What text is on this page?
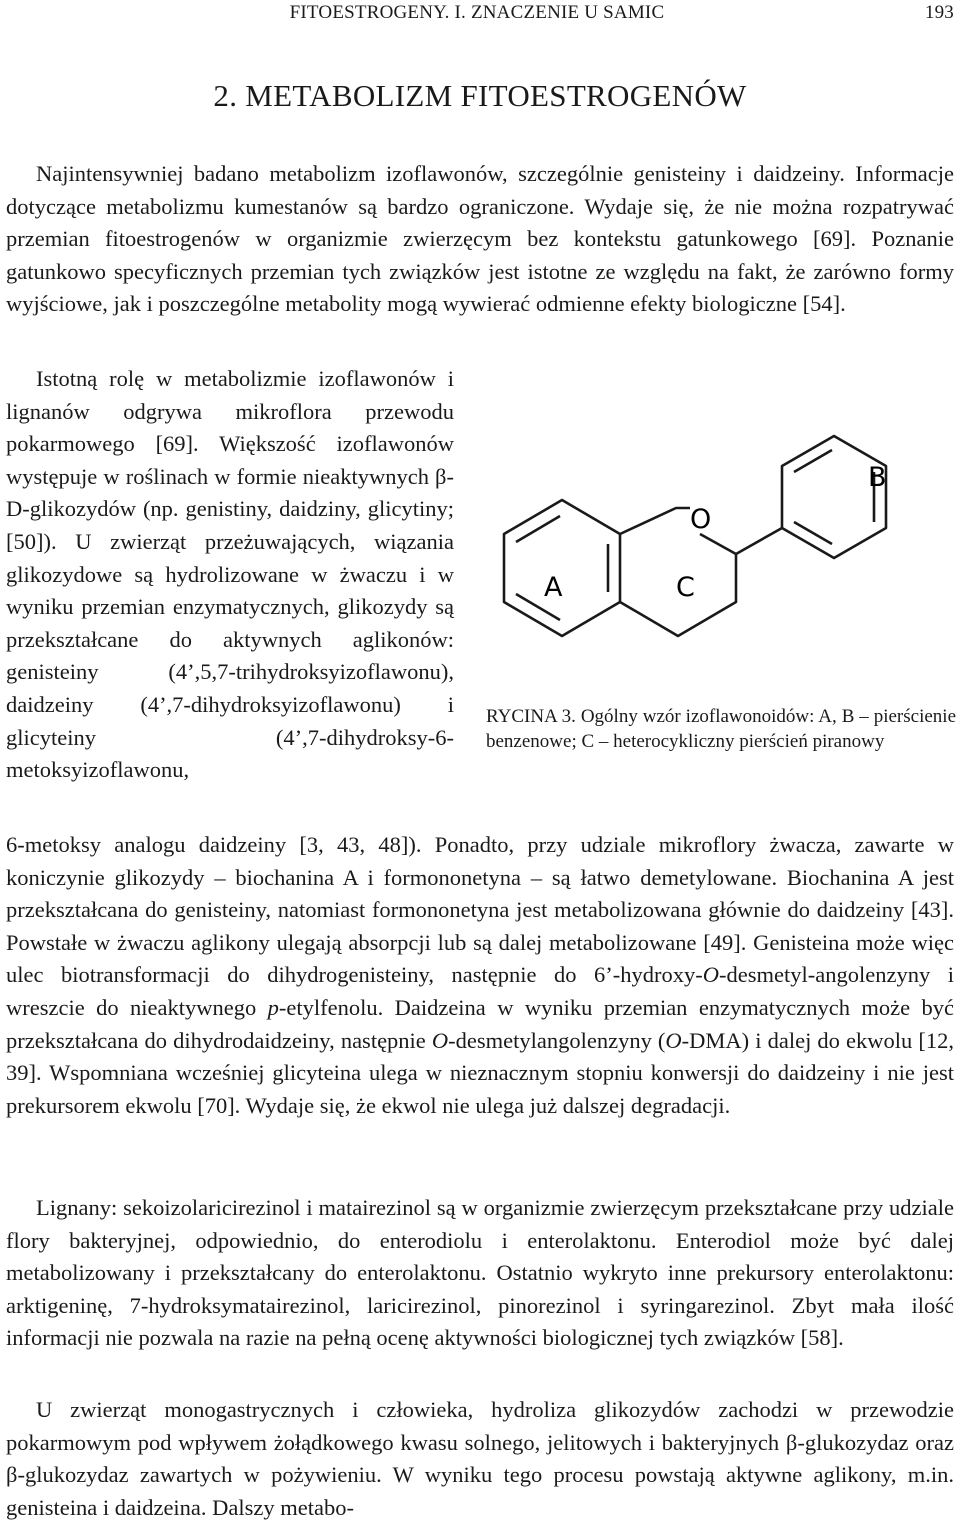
FITOESTROGENY. I. ZNACZENIE U SAMIC	193
2. METABOLIZM FITOESTROGENÓW

Najintensywniej badano metabolizm izoflawonów, szczególnie genisteiny i daidzeiny. Informacje dotyczące metabolizmu kumestanów są bardzo ograniczone. Wydaje się, że nie można rozpatrywać przemian fitoestrogenów w organizmie zwierzęcym bez kontekstu gatunkowego [69]. Poznanie gatunkowo specyficznych przemian tych związków jest istotne ze względu na fakt, że zarówno formy wyjściowe, jak i poszczególne metabolity mogą wywierać odmienne efekty biologiczne [54].

Istotną rolę w metabolizmie izoflawonów i lignanów odgrywa mikroflora przewodu pokarmowego [69]. Większość izoflawonów występuje w roślinach w formie nieaktywnych β-D-glikozydów (np. genistiny, daidziny, glicytiny; [50]). U zwierząt przeżuwających, wiązania glikozydowe są hydrolizowane w żwaczu i w wyniku przemian enzymatycznych, glikozydy są przekształcane do aktywnych aglikonów: genisteiny (4’,5,7-trihydroksyizoflawonu), daidzeiny (4’,7-dihydroksyizoflawonu) i glicyteiny (4’,7-dihydroksy-6-metoksyizoflawonu,

O
B
A	C

RYCINA 3. Ogólny wzór izoflawonoidów: A, B – pierścienie benzenowe; C – heterocykliczny pierścień piranowy

6-metoksy analogu daidzeiny [3, 43, 48]). Ponadto, przy udziale mikroflory żwacza, zawarte w koniczynie glikozydy – biochanina A i formononetyna – są łatwo demetylowane. Biochanina A jest przekształcana do genisteiny, natomiast formononetyna jest metabolizowana głównie do daidzeiny [43]. Powstałe w żwaczu aglikony ulegają absorpcji lub są dalej metabolizowane [49]. Genisteina może więc ulec biotransformacji do dihydrogenisteiny, następnie do 6’-hydroxy-O-desmetyl-angolenzyny i wreszcie do nieaktywnego p-etylfenolu. Daidzeina w wyniku przemian enzymatycznych może być przekształcana do dihydrodaidzeiny, następnie O-desmetylangolenzyny (O-DMA) i dalej do ekwolu [12, 39]. Wspomniana wcześniej glicyteina ulega w nieznacznym stopniu konwersji do daidzeiny i nie jest prekursorem ekwolu [70]. Wydaje się, że ekwol nie ulega już dalszej degradacji.

Lignany: sekoizolaricirezinol i matairezinol są w organizmie zwierzęcym przekształcane przy udziale flory bakteryjnej, odpowiednio, do enterodiolu i enterolaktonu. Enterodiol może być dalej metabolizowany i przekształcany do enterolaktonu. Ostatnio wykryto inne prekursory enterolaktonu: arktigeninę, 7-hydroksymatairezinol, laricirezinol, pinorezinol i syringarezinol. Zbyt mała ilość informacji nie pozwala na razie na pełną ocenę aktywności biologicznej tych związków [58].

U zwierząt monogastrycznych i człowieka, hydroliza glikozydów zachodzi w przewodzie pokarmowym pod wpływem żołądkowego kwasu solnego, jelitowych i bakteryjnych β-glukozydaz oraz β-glukozydaz zawartych w pożywieniu. W wyniku tego procesu powstają aktywne aglikony, m.in. genisteina i daidzeina. Dalszy metabo-
